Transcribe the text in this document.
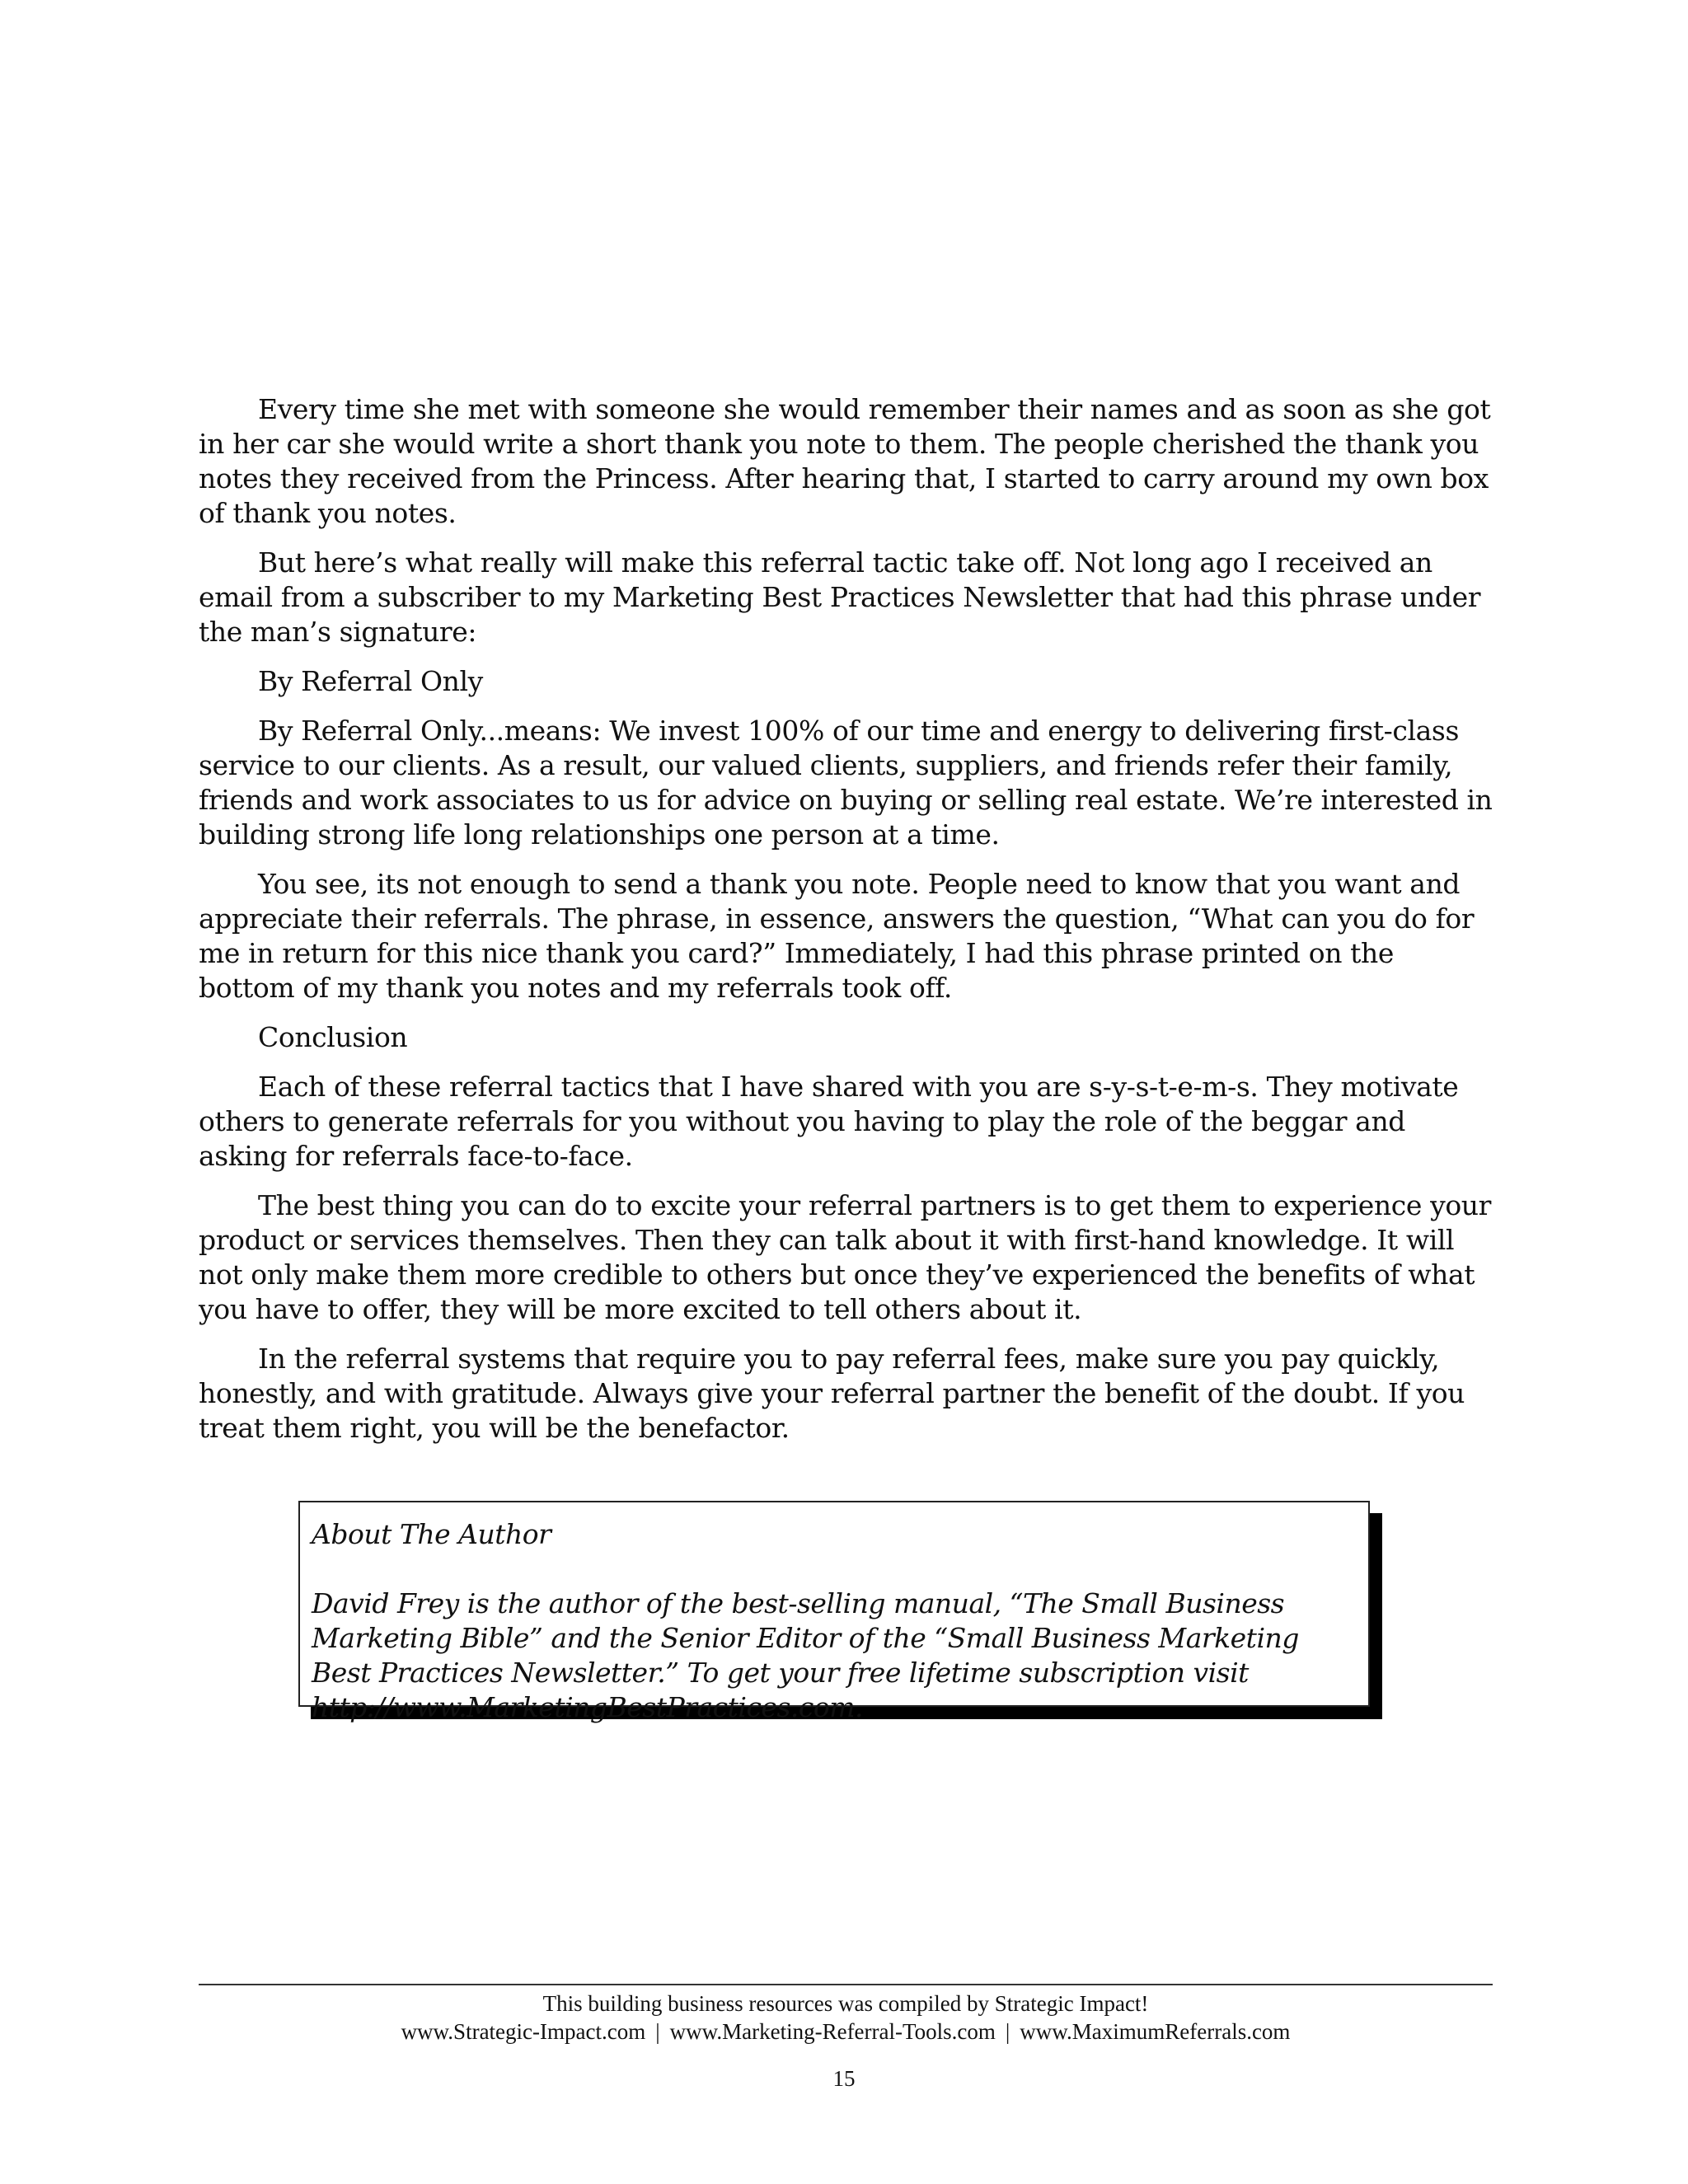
Every time she met with someone she would remember their names and as soon as she got in her car she would write a short thank you note to them. The people cherished the thank you notes they received from the Princess. After hearing that, I started to carry around my own box of thank you notes.

But here’s what really will make this referral tactic take off. Not long ago I received an email from a subscriber to my Marketing Best Practices Newsletter that had this phrase under the man’s signature:

By Referral Only

By Referral Only...means: We invest 100% of our time and energy to delivering first-class service to our clients. As a result, our valued clients, suppliers, and friends refer their family, friends and work associates to us for advice on buying or selling real estate. We’re interested in building strong life long relationships one person at a time.

You see, its not enough to send a thank you note. People need to know that you want and appreciate their referrals. The phrase, in essence, answers the question, “What can you do for me in return for this nice thank you card?” Immediately, I had this phrase printed on the bottom of my thank you notes and my referrals took off.

Conclusion

Each of these referral tactics that I have shared with you are s-y-s-t-e-m-s. They motivate others to generate referrals for you without you having to play the role of the beggar and asking for referrals face-to-face.

The best thing you can do to excite your referral partners is to get them to experience your product or services themselves. Then they can talk about it with first-hand knowledge. It will not only make them more credible to others but once they’ve experienced the benefits of what you have to offer, they will be more excited to tell others about it.

In the referral systems that require you to pay referral fees, make sure you pay quickly, honestly, and with gratitude. Always give your referral partner the benefit of the doubt. If you treat them right, you will be the benefactor.

About The Author

David Frey is the author of the best-selling manual, “The Small Business Marketing Bible” and the Senior Editor of the “Small Business Marketing Best Practices Newsletter.” To get your free lifetime subscription visit http://www.MarketingBestPractices.com.

This building business resources was compiled by Strategic Impact!
www.Strategic-Impact.com | www.Marketing-Referral-Tools.com | www.MaximumReferrals.com
15
